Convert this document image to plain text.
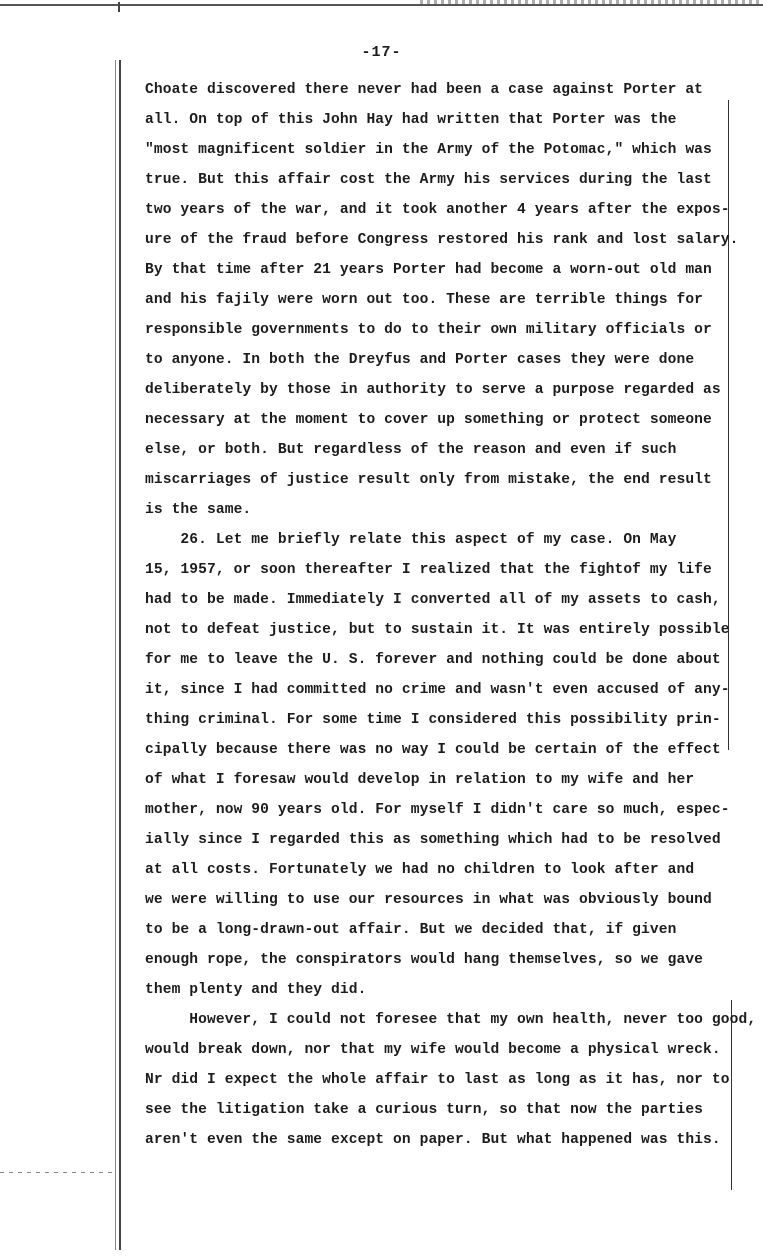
-17-
Choate discovered there never had been a case against Porter at
all. On top of this John Hay had written that Porter was the
"most magnificent soldier in the Army of the Potomac," which was
true. But this affair cost the Army his services during the last
two years of the war, and it took another 4 years after the expos-
ure of the fraud before Congress restored his rank and lost salary.
By that time after 21 years Porter had become a worn-out old man
and his fajily were worn out too. These are terrible things for
responsible governments to do to their own military officials or
to anyone. In both the Dreyfus and Porter cases they were done
deliberately by those in authority to serve a purpose regarded as
necessary at the moment to cover up something or protect someone
else, or both. But regardless of the reason and even if such
miscarriages of justice result only from mistake, the end result
is the same.
26. Let me briefly relate this aspect of my case. On May
15, 1957, or soon thereafter I realized that the fightof my life
had to be made. Immediately I converted all of my assets to cash,
not to defeat justice, but to sustain it. It was entirely possible
for me to leave the U. S. forever and nothing could be done about
it, since I had committed no crime and wasn't even accused of any-
thing criminal. For some time I considered this possibility prin-
cipally because there was no way I could be certain of the effect
of what I foresaw would develop in relation to my wife and her
mother, now 90 years old. For myself I didn't care so much, espec-
ially since I regarded this as something which had to be resolved
at all costs. Fortunately we had no children to look after and
we were willing to use our resources in what was obviously bound
to be a long-drawn-out affair. But we decided that, if given
enough rope, the conspirators would hang themselves, so we gave
them plenty and they did.
However, I could not foresee that my own health, never too good,
would break down, nor that my wife would become a physical wreck.
Nr did I expect the whole affair to last as long as it has, nor to
see the litigation take a curious turn, so that now the parties
aren't even the same except on paper. But what happened was this.
